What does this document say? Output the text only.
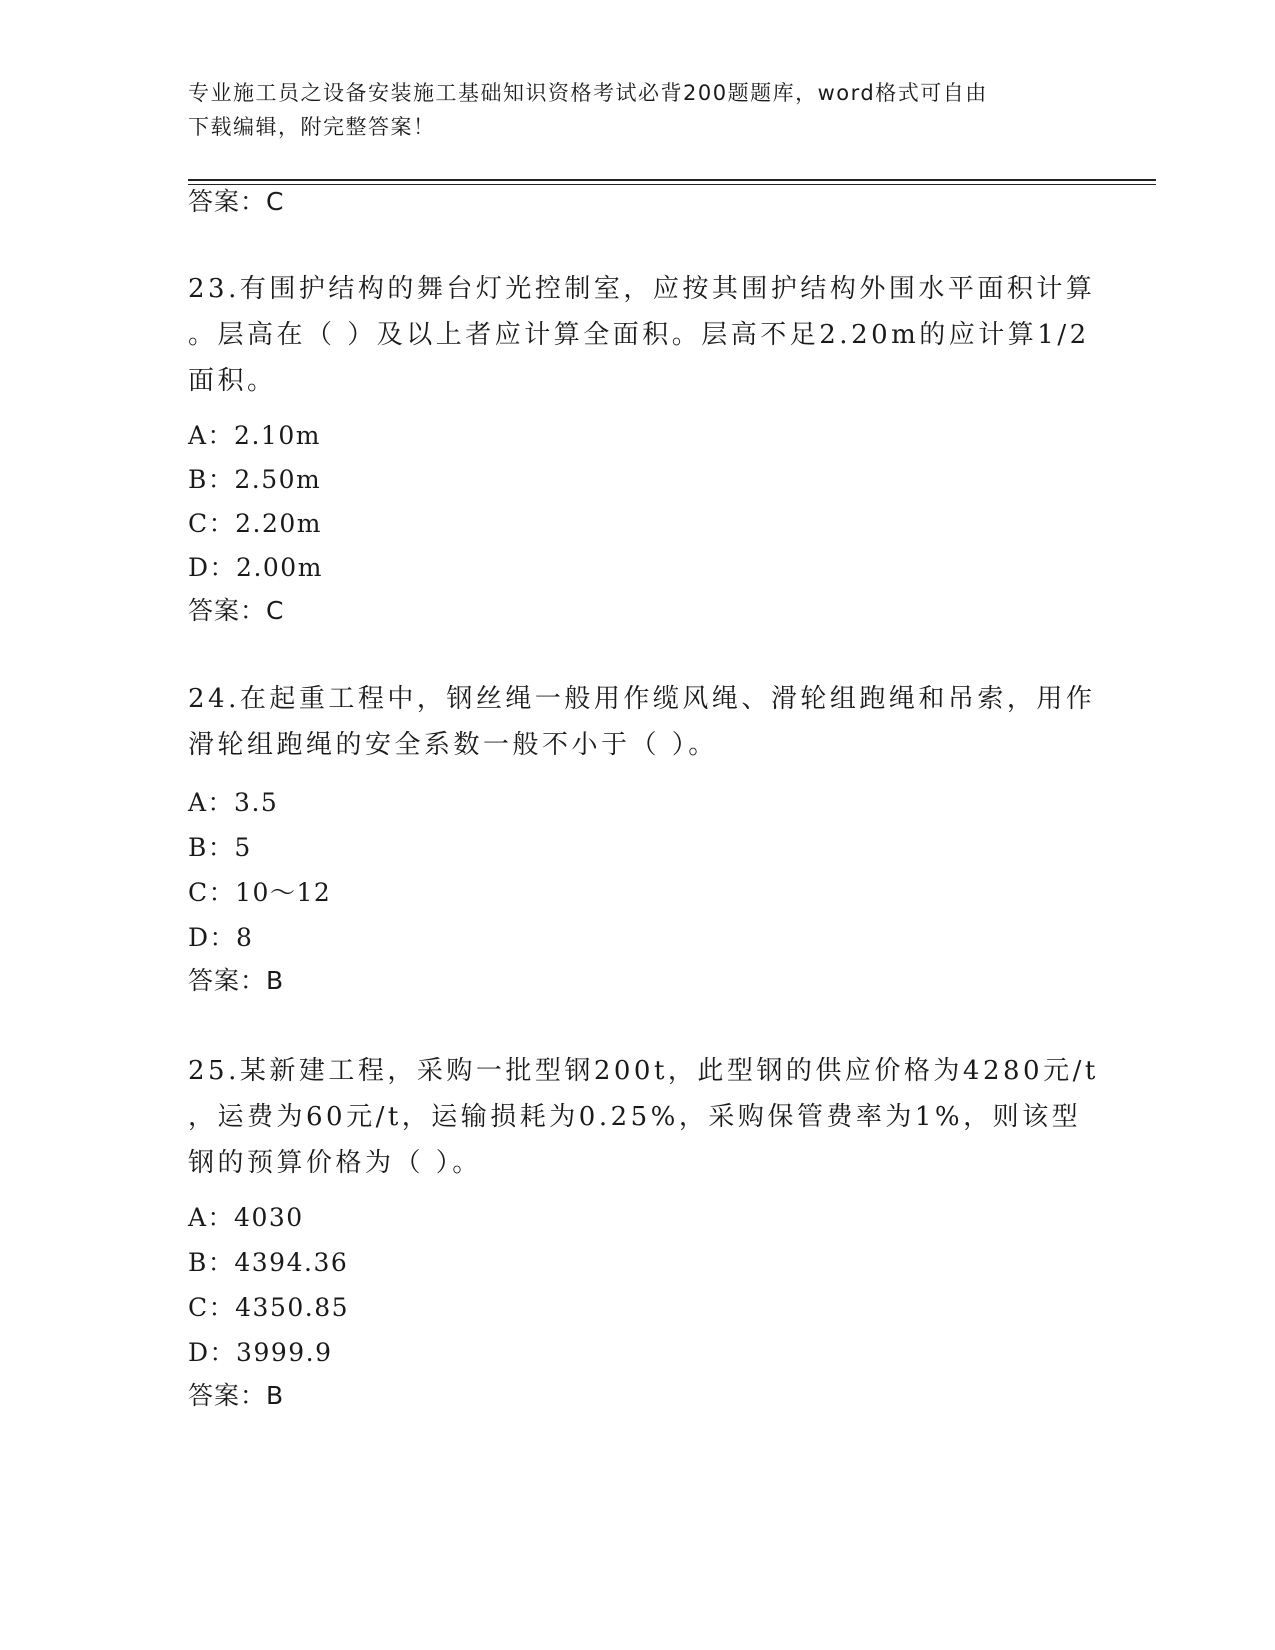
专业施工员之设备安装施工基础知识资格考试必背200题题库，word格式可自由
下载编辑，附完整答案！
答案：C
23.有围护结构的舞台灯光控制室，应按其围护结构外围水平面积计算
。层高在（ ）及以上者应计算全面积。层高不足2.20m的应计算1/2
面积。
A：2.10m
B：2.50m
C：2.20m
D：2.00m
答案：C
24.在起重工程中，钢丝绳一般用作缆风绳、滑轮组跑绳和吊索，用作
滑轮组跑绳的安全系数一般不小于（ ）。
A：3.5
B：5
C：10～12
D：8
答案：B
25.某新建工程，采购一批型钢200t，此型钢的供应价格为4280元/t
，运费为60元/t，运输损耗为0.25%，采购保管费率为1%，则该型
钢的预算价格为（ ）。
A：4030
B：4394.36
C：4350.85
D：3999.9
答案：B
